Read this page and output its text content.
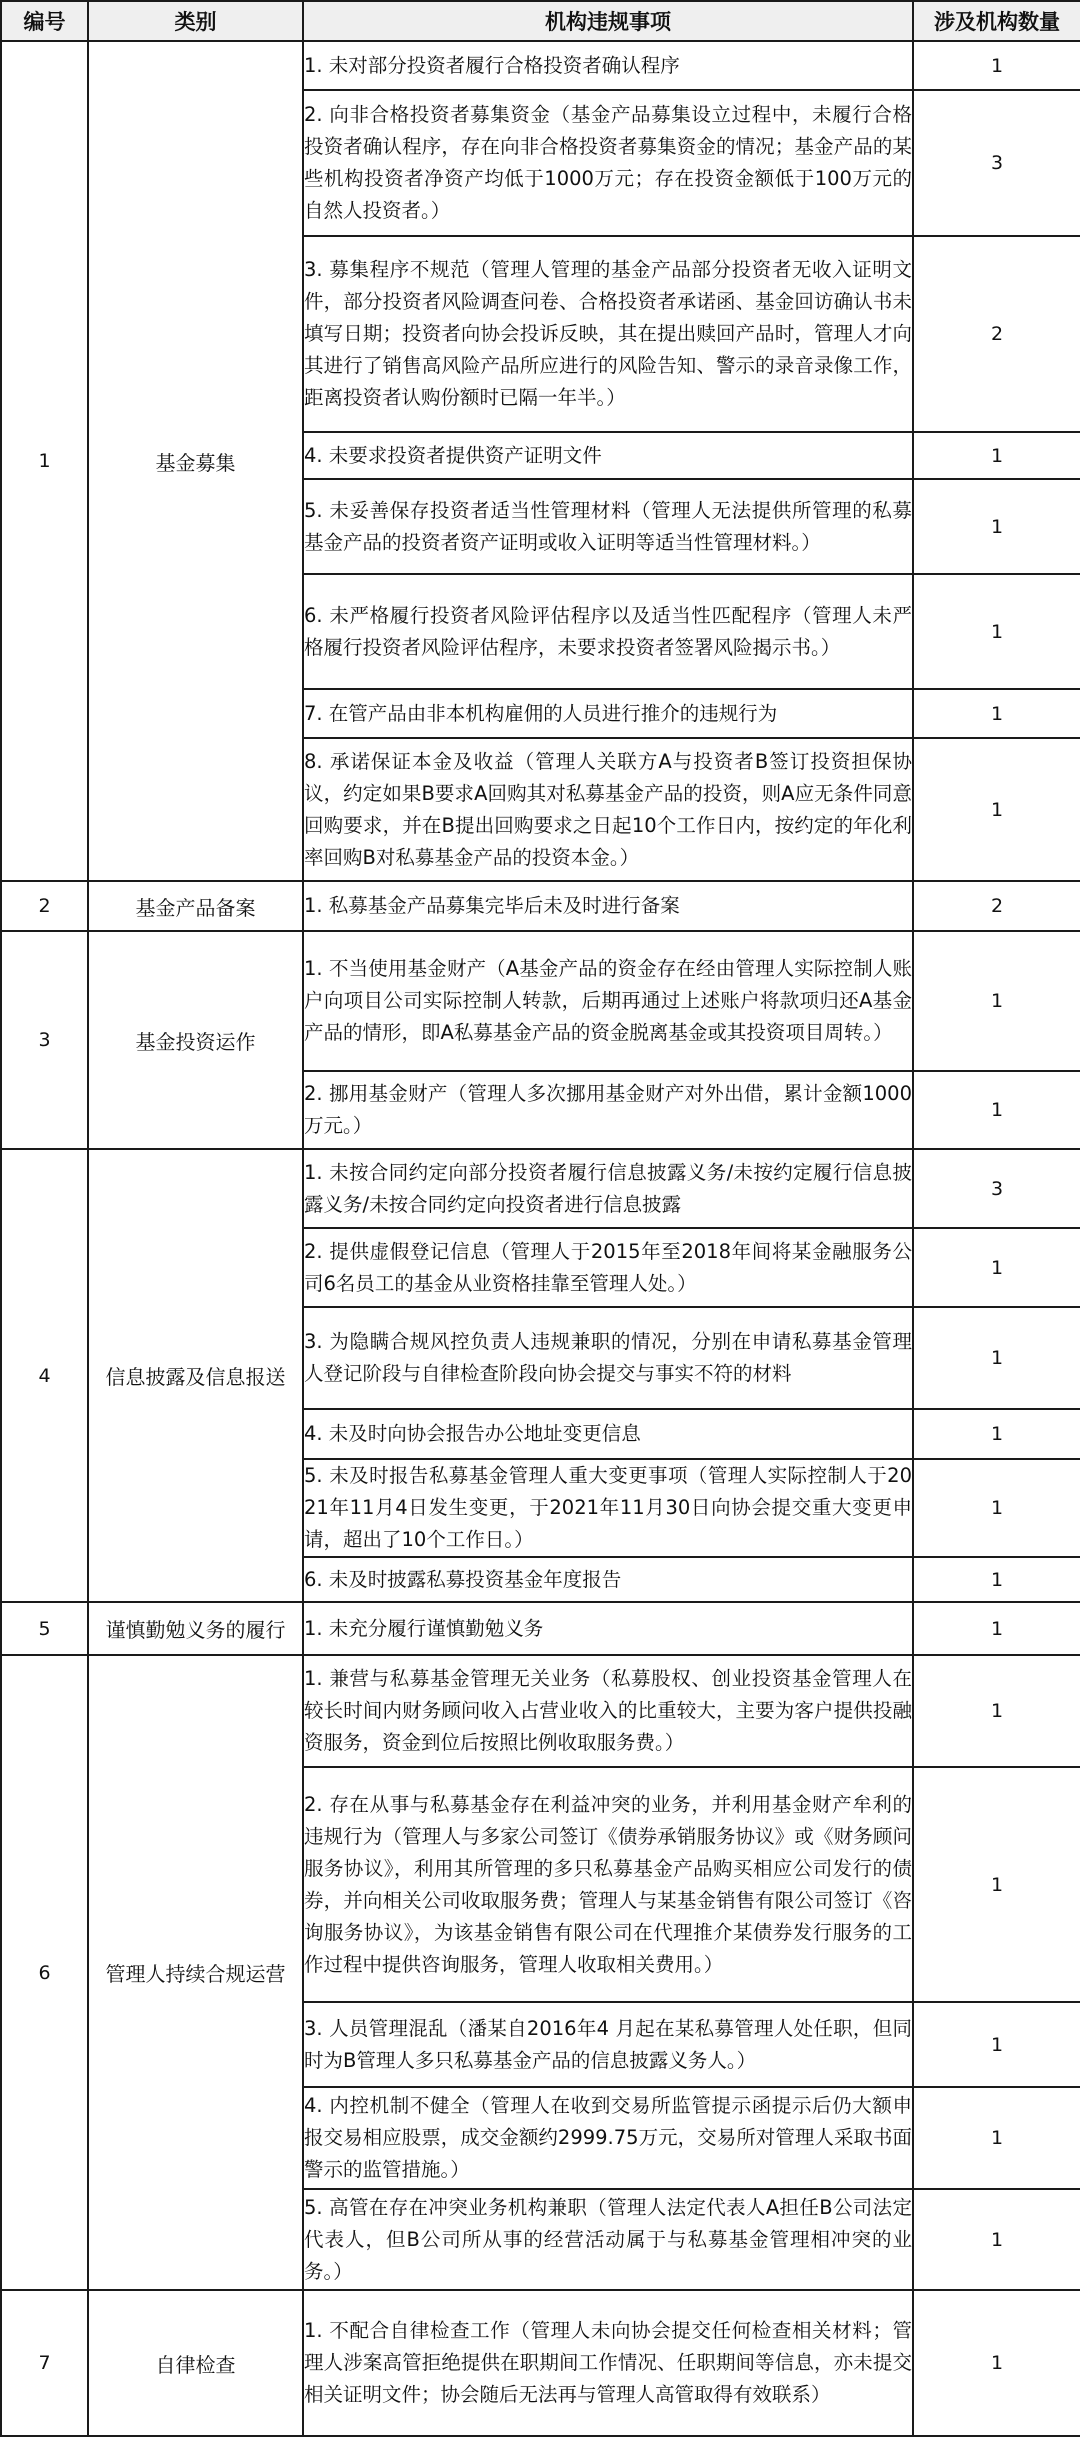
编号	类别	机构违规事项	涉及机构数量
1	基金募集	1. 未对部分投资者履行合格投资者确认程序	1
		2. 向非合格投资者募集资金（基金产品募集设立过程中，未履行合格投资者确认程序，存在向非合格投资者募集资金的情况；基金产品的某些机构投资者净资产均低于1000万元；存在投资金额低于100万元的自然人投资者。）	3
		3. 募集程序不规范（管理人管理的基金产品部分投资者无收入证明文件，部分投资者风险调查问卷、合格投资者承诺函、基金回访确认书未填写日期；投资者向协会投诉反映，其在提出赎回产品时，管理人才向其进行了销售高风险产品所应进行的风险告知、警示的录音录像工作，距离投资者认购份额时已隔一年半。）	2
		4. 未要求投资者提供资产证明文件	1
		5. 未妥善保存投资者适当性管理材料（管理人无法提供所管理的私募基金产品的投资者资产证明或收入证明等适当性管理材料。）	1
		6. 未严格履行投资者风险评估程序以及适当性匹配程序（管理人未严格履行投资者风险评估程序，未要求投资者签署风险揭示书。）	1
		7. 在管产品由非本机构雇佣的人员进行推介的违规行为	1
		8. 承诺保证本金及收益（管理人关联方A与投资者B签订投资担保协议，约定如果B要求A回购其对私募基金产品的投资，则A应无条件同意回购要求，并在B提出回购要求之日起10个工作日内，按约定的年化利率回购B对私募基金产品的投资本金。）	1
2	基金产品备案	1. 私募基金产品募集完毕后未及时进行备案	2
3	基金投资运作	1. 不当使用基金财产（A基金产品的资金存在经由管理人实际控制人账户向项目公司实际控制人转款，后期再通过上述账户将款项归还A基金产品的情形，即A私募基金产品的资金脱离基金或其投资项目周转。）	1
		2. 挪用基金财产（管理人多次挪用基金财产对外出借，累计金额1000万元。）	1
4	信息披露及信息报送	1. 未按合同约定向部分投资者履行信息披露义务/未按约定履行信息披露义务/未按合同约定向投资者进行信息披露	3
		2. 提供虚假登记信息（管理人于2015年至2018年间将某金融服务公司6名员工的基金从业资格挂靠至管理人处。）	1
		3. 为隐瞒合规风控负责人违规兼职的情况，分别在申请私募基金管理人登记阶段与自律检查阶段向协会提交与事实不符的材料	1
		4. 未及时向协会报告办公地址变更信息	1
		5. 未及时报告私募基金管理人重大变更事项（管理人实际控制人于2021年11月4日发生变更，于2021年11月30日向协会提交重大变更申请，超出了10个工作日。）	1
		6. 未及时披露私募投资基金年度报告	1
5	谨慎勤勉义务的履行	1. 未充分履行谨慎勤勉义务	1
6	管理人持续合规运营	1. 兼营与私募基金管理无关业务（私募股权、创业投资基金管理人在较长时间内财务顾问收入占营业收入的比重较大，主要为客户提供投融资服务，资金到位后按照比例收取服务费。）	1
		2. 存在从事与私募基金存在利益冲突的业务，并利用基金财产牟利的违规行为（管理人与多家公司签订《债券承销服务协议》或《财务顾问服务协议》，利用其所管理的多只私募基金产品购买相应公司发行的债券，并向相关公司收取服务费；管理人与某基金销售有限公司签订《咨询服务协议》，为该基金销售有限公司在代理推介某债券发行服务的工作过程中提供咨询服务，管理人收取相关费用。）	1
		3. 人员管理混乱（潘某自2016年4 月起在某私募管理人处任职，但同时为B管理人多只私募基金产品的信息披露义务人。）	1
		4. 内控机制不健全（管理人在收到交易所监管提示函提示后仍大额申报交易相应股票，成交金额约2999.75万元，交易所对管理人采取书面警示的监管措施。）	1
		5. 高管在存在冲突业务机构兼职（管理人法定代表人A担任B公司法定代表人，但B公司所从事的经营活动属于与私募基金管理相冲突的业务。）	1
7	自律检查	1. 不配合自律检查工作（管理人未向协会提交任何检查相关材料；管理人涉案高管拒绝提供在职期间工作情况、任职期间等信息，亦未提交相关证明文件；协会随后无法再与管理人高管取得有效联系）	1
